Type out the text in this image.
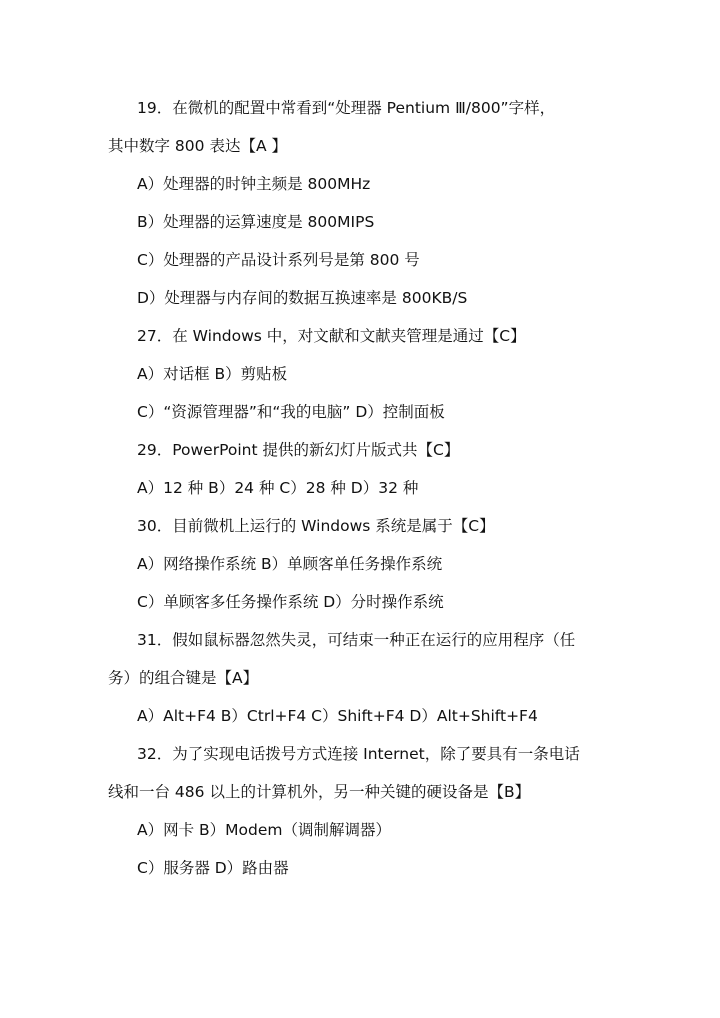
19．在微机的配置中常看到“处理器 Pentium Ⅲ/800”字样，
其中数字 800 表达【A 】
A）处理器的时钟主频是 800MHz
B）处理器的运算速度是 800MIPS
C）处理器的产品设计系列号是第 800 号
D）处理器与内存间的数据互换速率是 800KB/S
27．在 Windows 中，对文献和文献夹管理是通过【C】
A）对话框 B）剪贴板
C）“资源管理器”和“我的电脑” D）控制面板
29．PowerPoint 提供的新幻灯片版式共【C】
A）12 种 B）24 种 C）28 种 D）32 种
30．目前微机上运行的 Windows 系统是属于【C】
A）网络操作系统 B）单顾客单任务操作系统
C）单顾客多任务操作系统 D）分时操作系统
31．假如鼠标器忽然失灵，可结束一种正在运行的应用程序（任
务）的组合键是【A】
A）Alt+F4 B）Ctrl+F4 C）Shift+F4 D）Alt+Shift+F4
32．为了实现电话拨号方式连接 Internet，除了要具有一条电话
线和一台 486 以上的计算机外，另一种关键的硬设备是【B】
A）网卡 B）Modem（调制解调器）
C）服务器 D）路由器
